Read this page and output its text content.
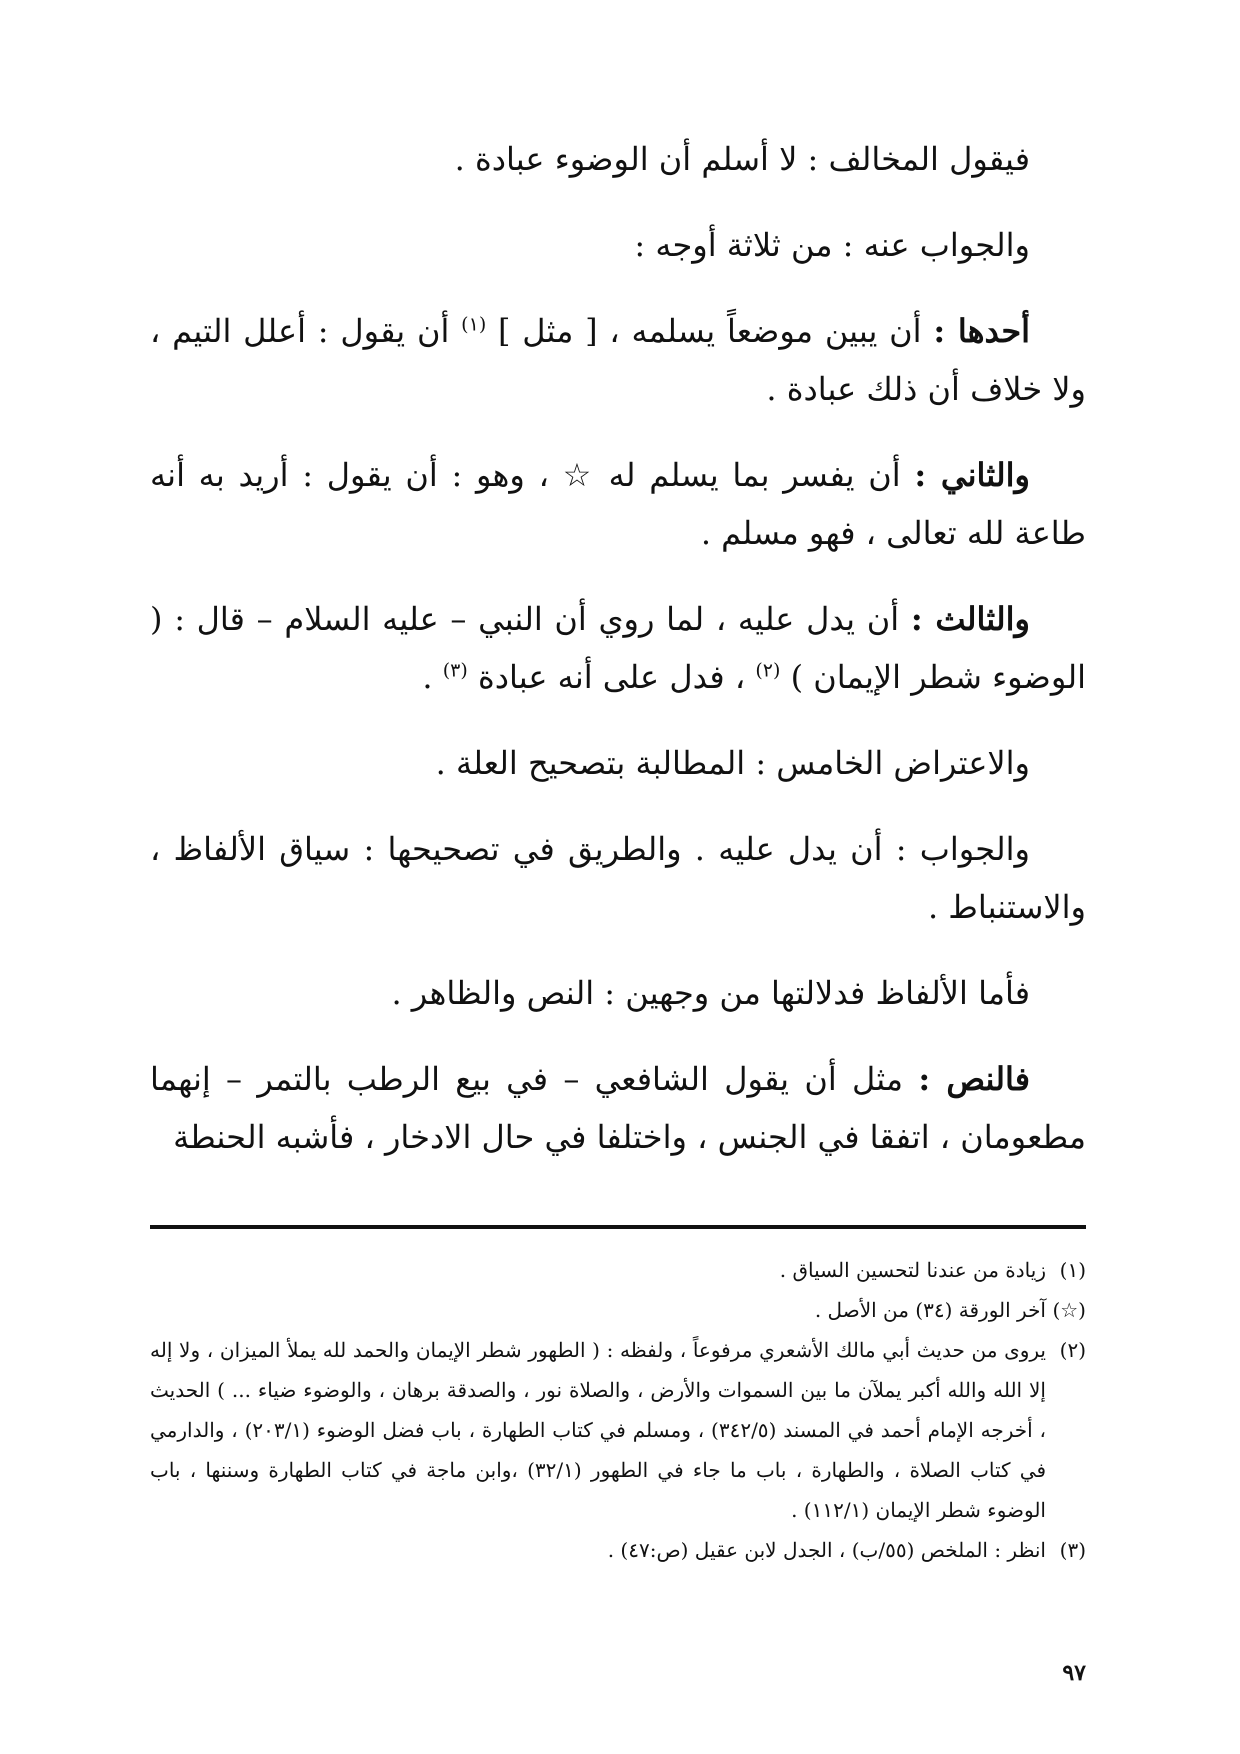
فيقول المخالف : لا أسلم أن الوضوء عبادة .

والجواب عنه : من ثلاثة أوجه :

أحدها : أن يبين موضعاً يسلمه ، [ مثل ] $^{(١)}$ أن يقول : أعلل التيم ، ولا خلاف أن ذلك عبادة .

والثاني : أن يفسر بما يسلم له ☆ ، وهو : أن يقول : أريد به أنه طاعة لله تعالى ، فهو مسلم .

والثالث : أن يدل عليه ، لما روي أن النبي – عليه السلام – قال : ( الوضوء شطر الإيمان ) $^{(٢)}$ ، فدل على أنه عبادة $^{(٣)}$ .

والاعتراض الخامس : المطالبة بتصحيح العلة .

والجواب : أن يدل عليه . والطريق في تصحيحها : سياق الألفاظ ، والاستنباط .

فأما الألفاظ فدلالتها من وجهين : النص والظاهر .

فالنص : مثل أن يقول الشافعي – في بيع الرطب بالتمر – إنهما مطعومان ، اتفقا في الجنس ، واختلفا في حال الادخار ، فأشبه الحنطة

(١)
زيادة من عندنا لتحسين السياق .
(☆)
آخر الورقة (٣٤) من الأصل .
(٢)
يروى من حديث أبي مالك الأشعري مرفوعاً ، ولفظه : ( الطهور شطر الإيمان والحمد لله يملأ الميزان ، ولا إله إلا الله والله أكبر يملآن ما بين السموات والأرض ، والصلاة نور ، والصدقة برهان ، والوضوء ضياء ... ) الحديث ، أخرجه الإمام أحمد في المسند (٣٤٢/٥) ، ومسلم في كتاب الطهارة ، باب فضل الوضوء (٢٠٣/١) ، والدارمي في كتاب الصلاة ، والطهارة ، باب ما جاء في الطهور (٣٢/١) ،وابن ماجة في كتاب الطهارة وسننها ، باب الوضوء شطر الإيمان (١١٢/١) .
(٣)
انظر : الملخص (٥٥/ب) ، الجدل لابن عقيل (ص:٤٧) .
٩٧
